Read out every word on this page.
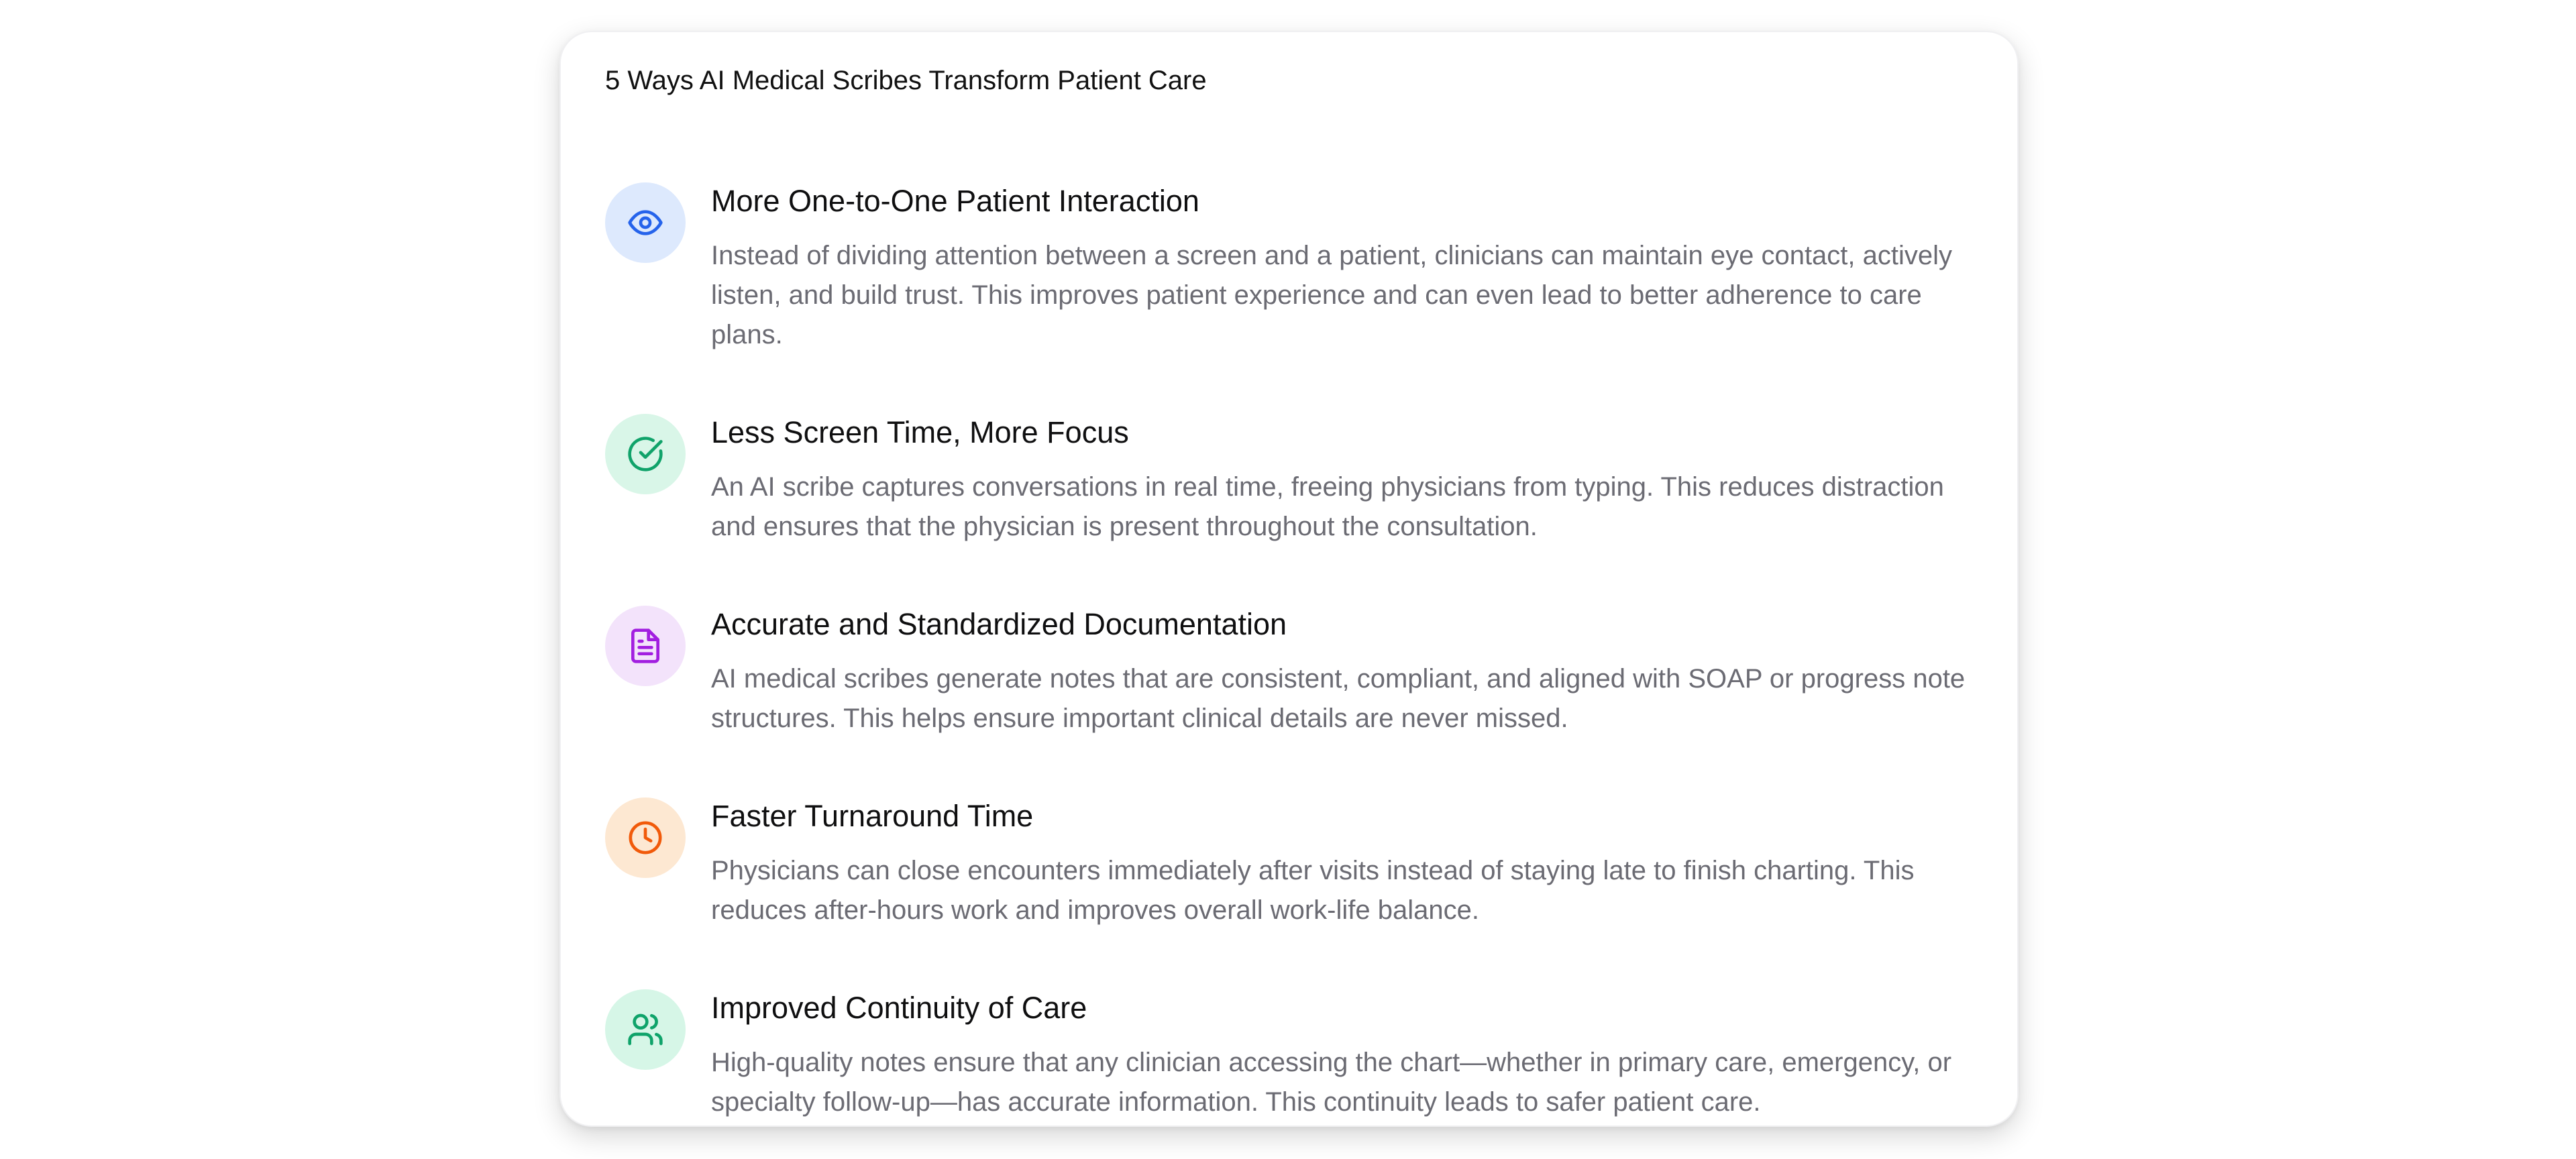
5 Ways AI Medical Scribes Transform Patient Care
More One-to-One Patient Interaction

Instead of dividing attention between a screen and a patient, clinicians can maintain eye contact, actively listen, and build trust. This improves patient experience and can even lead to better adherence to care plans.

Less Screen Time, More Focus

An AI scribe captures conversations in real time, freeing physicians from typing. This reduces distraction and ensures that the physician is present throughout the consultation.

Accurate and Standardized Documentation

AI medical scribes generate notes that are consistent, compliant, and aligned with SOAP or progress note structures. This helps ensure important clinical details are never missed.

Faster Turnaround Time

Physicians can close encounters immediately after visits instead of staying late to finish charting. This reduces after-hours work and improves overall work-life balance.

Improved Continuity of Care

High-quality notes ensure that any clinician accessing the chart—whether in primary care, emergency, or specialty follow-up—has accurate information. This continuity leads to safer patient care.
